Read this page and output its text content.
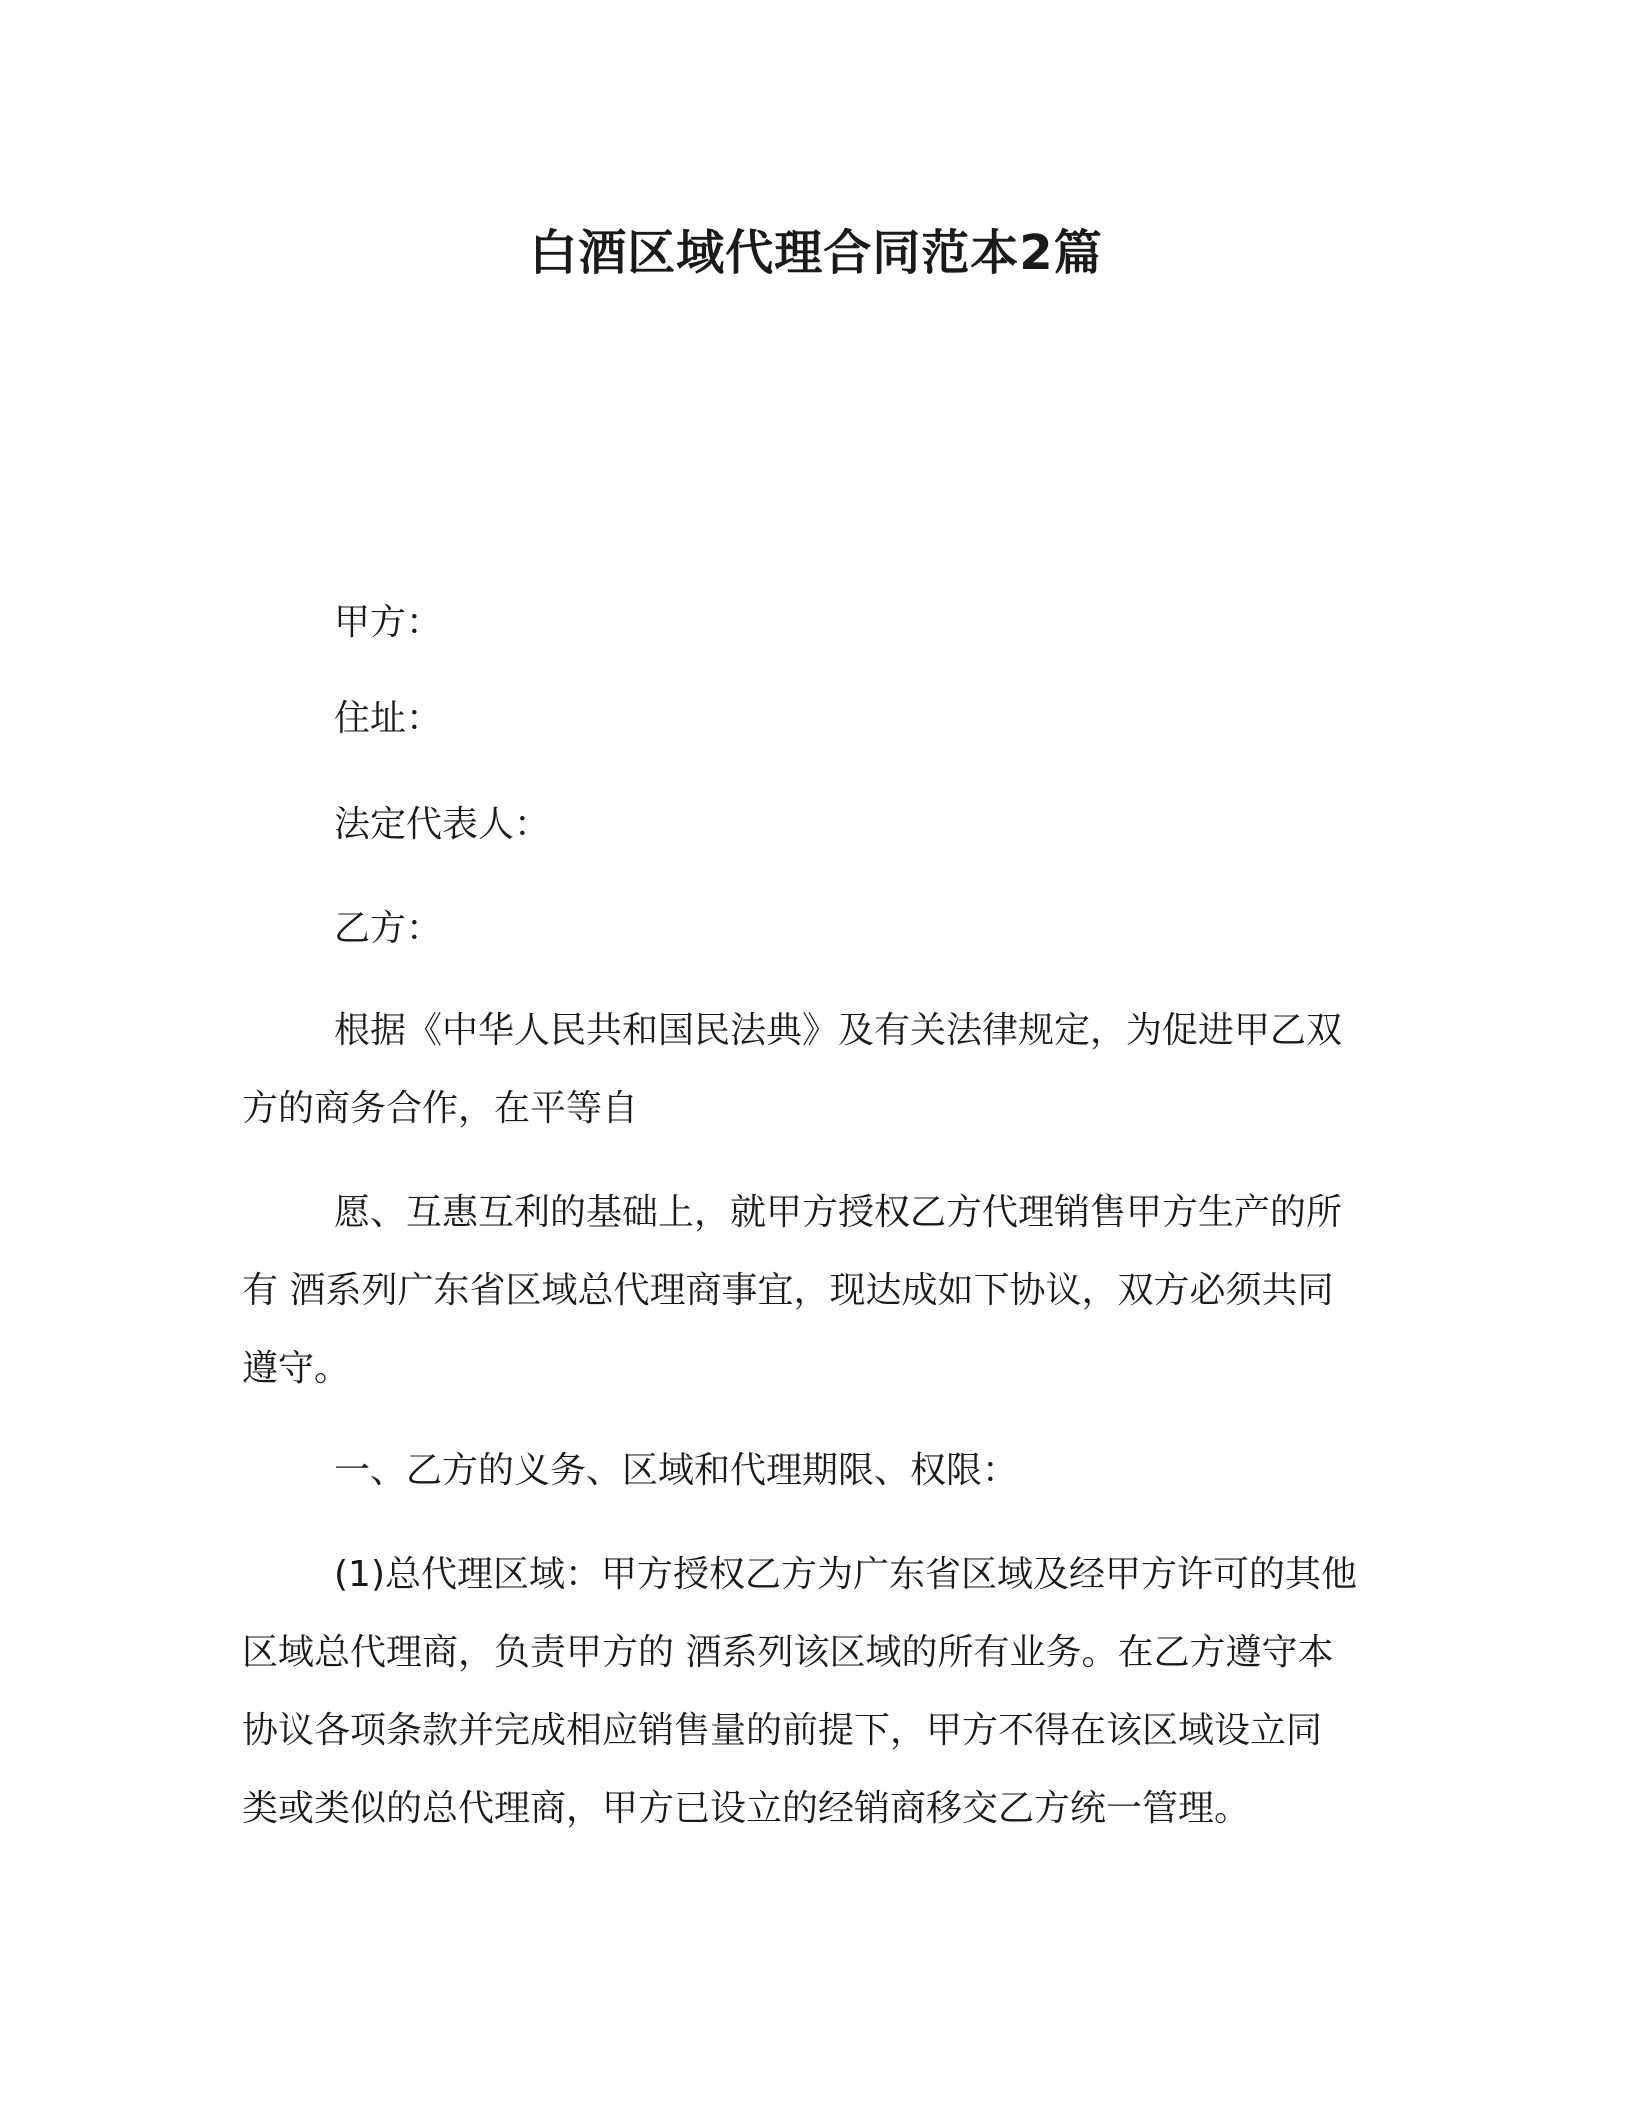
白酒区域代理合同范本2篇
甲方：
住址：
法定代表人：
乙方：
根据《中华人民共和国民法典》及有关法律规定，为促进甲乙双
方的商务合作，在平等自
愿、互惠互利的基础上，就甲方授权乙方代理销售甲方生产的所
有 酒系列广东省区域总代理商事宜，现达成如下协议，双方必须共同
遵守。
一、乙方的义务、区域和代理期限、权限：
(1)总代理区域：甲方授权乙方为广东省区域及经甲方许可的其他
区域总代理商，负责甲方的 酒系列该区域的所有业务。在乙方遵守本
协议各项条款并完成相应销售量的前提下，甲方不得在该区域设立同
类或类似的总代理商，甲方已设立的经销商移交乙方统一管理。
